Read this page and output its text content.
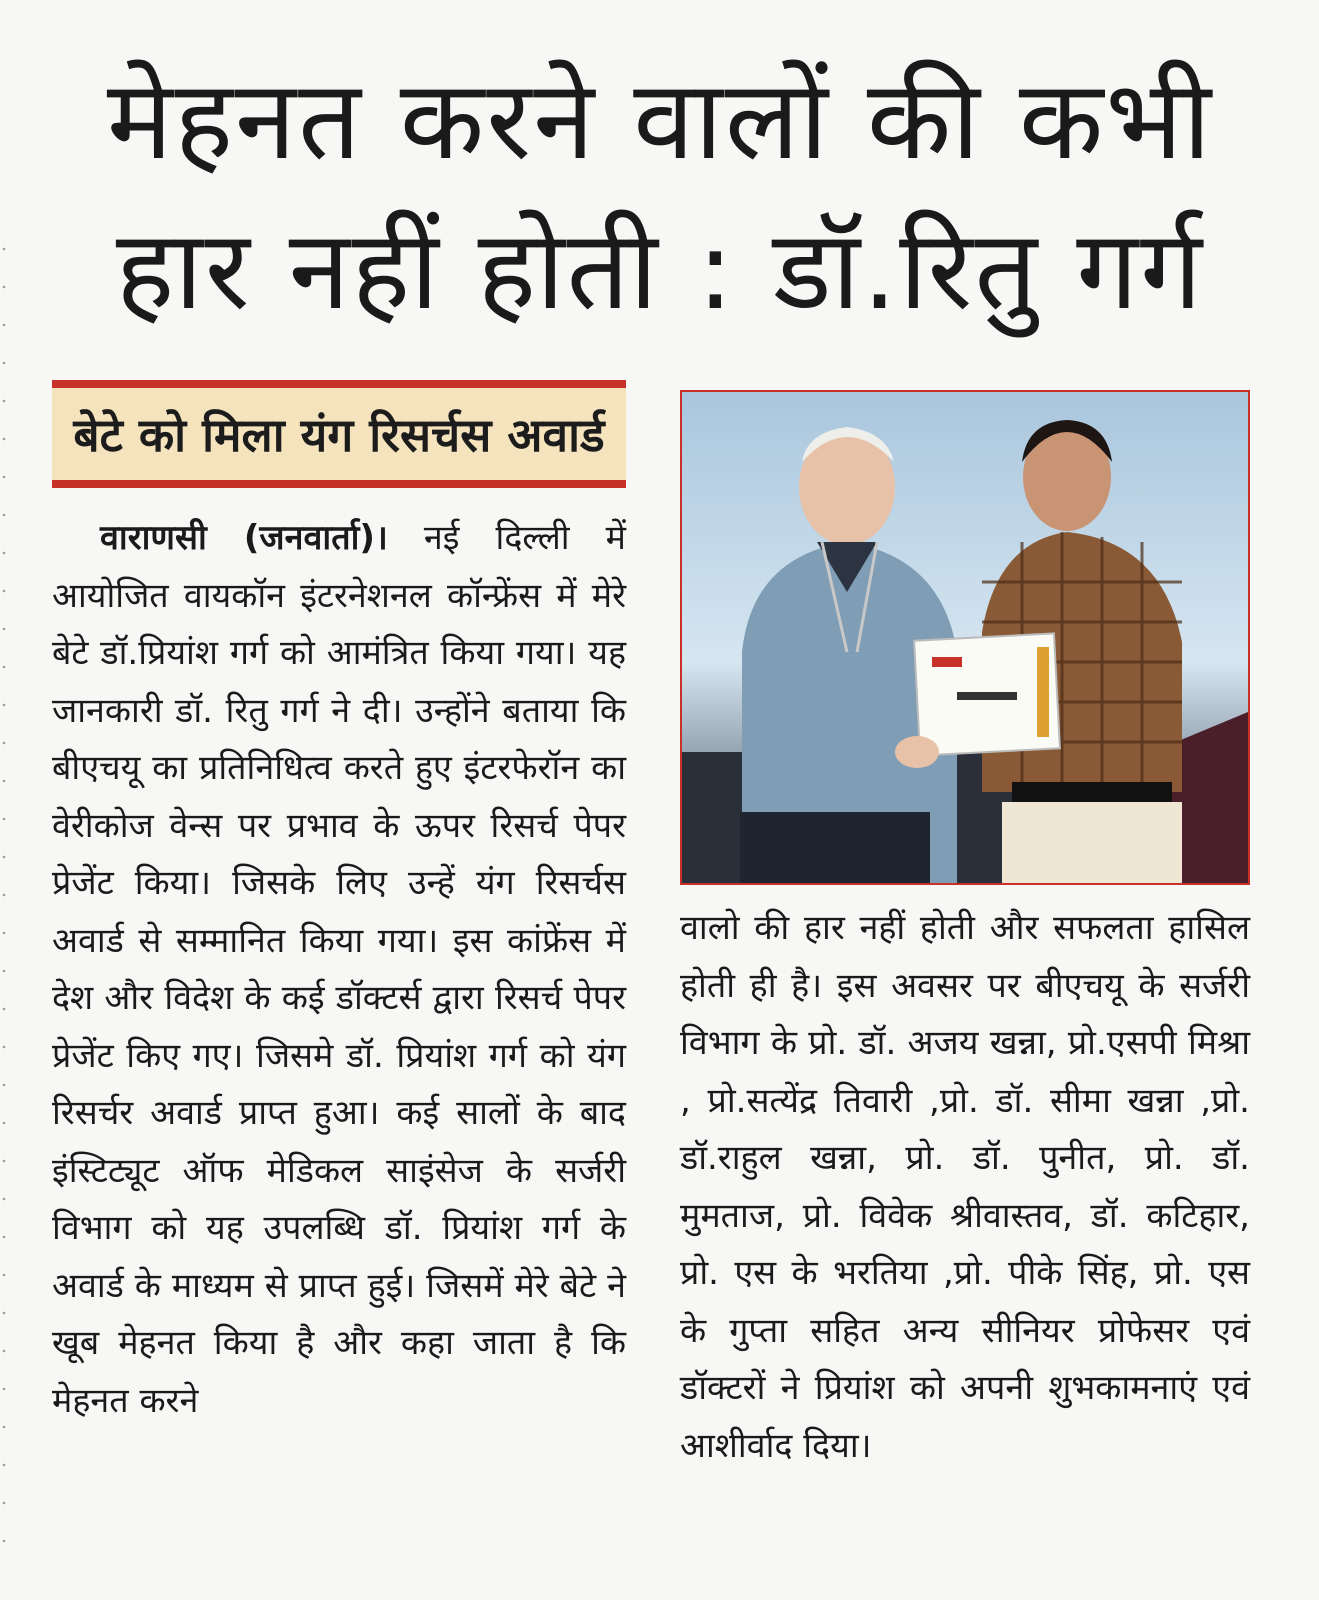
मेहनत करने वालों की कभी हार नहीं होती : डॉ.रितु गर्ग
बेटे को मिला यंग रिसर्चस अवार्ड
वाराणसी (जनवार्ता)। नई दिल्ली में आयोजित वायकॉन इंटरनेशनल कॉन्फ्रेंस में मेरे बेटे डॉ.प्रियांश गर्ग को आमंत्रित किया गया। यह जानकारी डॉ. रितु गर्ग ने दी। उन्होंने बताया कि बीएचयू का प्रतिनिधित्व करते हुए इंटरफेरॉन का वेरीकोज वेन्स पर प्रभाव के ऊपर रिसर्च पेपर प्रेजेंट किया। जिसके लिए उन्हें यंग रिसर्चस अवार्ड से सम्मानित किया गया। इस कांफ्रेंस में देश और विदेश के कई डॉक्टर्स द्वारा रिसर्च पेपर प्रेजेंट किए गए। जिसमे डॉ. प्रियांश गर्ग को यंग रिसर्चर अवार्ड प्राप्त हुआ। कई सालों के बाद इंस्टिट्यूट ऑफ मेडिकल साइंसेज के सर्जरी विभाग को यह उपलब्धि डॉ. प्रियांश गर्ग के अवार्ड के माध्यम से प्राप्त हुई। जिसमें मेरे बेटे ने खूब मेहनत किया है और कहा जाता है कि मेहनत करने
वालो की हार नहीं होती और सफलता हासिल होती ही है। इस अवसर पर बीएचयू के सर्जरी विभाग के प्रो. डॉ. अजय खन्ना, प्रो.एसपी मिश्रा , प्रो.सत्येंद्र तिवारी ,प्रो. डॉ. सीमा खन्ना ,प्रो. डॉ.राहुल खन्ना, प्रो. डॉ. पुनीत, प्रो. डॉ. मुमताज, प्रो. विवेक श्रीवास्तव, डॉ. कटिहार, प्रो. एस के भरतिया ,प्रो. पीके सिंह, प्रो. एस के गुप्ता सहित अन्य सीनियर प्रोफेसर एवं डॉक्टरों ने प्रियांश को अपनी शुभकामनाएं एवं आशीर्वाद दिया।
